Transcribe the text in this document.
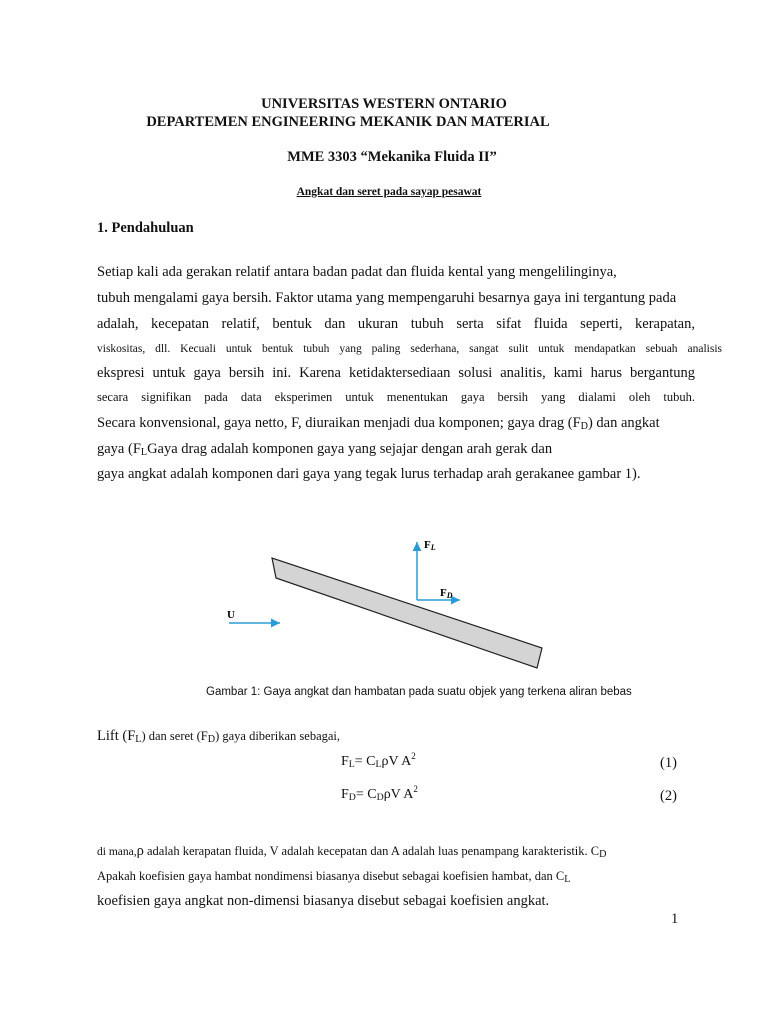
UNIVERSITAS WESTERN ONTARIO
DEPARTEMEN ENGINEERING MEKANIK DAN MATERIAL
MME 3303 “Mekanika Fluida II”
Angkat dan seret pada sayap pesawat
1. Pendahuluan
Setiap kali ada gerakan relatif antara badan padat dan fluida kental yang mengelilinginya,
tubuh mengalami gaya bersih. Faktor utama yang mempengaruhi besarnya gaya ini tergantung pada
adalah, kecepatan relatif, bentuk dan ukuran tubuh serta sifat fluida seperti, kerapatan,
viskositas, dll. Kecuali untuk bentuk tubuh yang paling sederhana, sangat sulit untuk mendapatkan sebuah analisis
ekspresi untuk gaya bersih ini. Karena ketidaktersediaan solusi analitis, kami harus bergantung
secara signifikan pada data eksperimen untuk menentukan gaya bersih yang dialami oleh tubuh.
Secara konvensional, gaya netto, F, diuraikan menjadi dua komponen; gaya drag $(F_D)$ dan angkat
gaya ($F_LGaya$ drag adalah komponen gaya yang sejajar dengan arah gerak dan
gaya angkat adalah komponen dari gaya yang tegak lurus terhadap arah gerakanee gambar 1).
FL
FD
U
Gambar 1: Gaya angkat dan hambatan pada suatu objek yang terkena aliran bebas
Lift $(F_L)$ dan seret $(F_D)$ gaya diberikan sebagai,
$F_L= C_L\rho V$ $A^2$	(1)
$F_D= C_D\rho V$ $A^2$	(2)
di mana,ρ adalah kerapatan fluida, V adalah kecepatan dan A adalah luas penampang karakteristik. $C_D$
Apakah koefisien gaya hambat nondimensi biasanya disebut sebagai koefisien hambat, dan $C_L$
koefisien gaya angkat non-dimensi biasanya disebut sebagai koefisien angkat.
1
